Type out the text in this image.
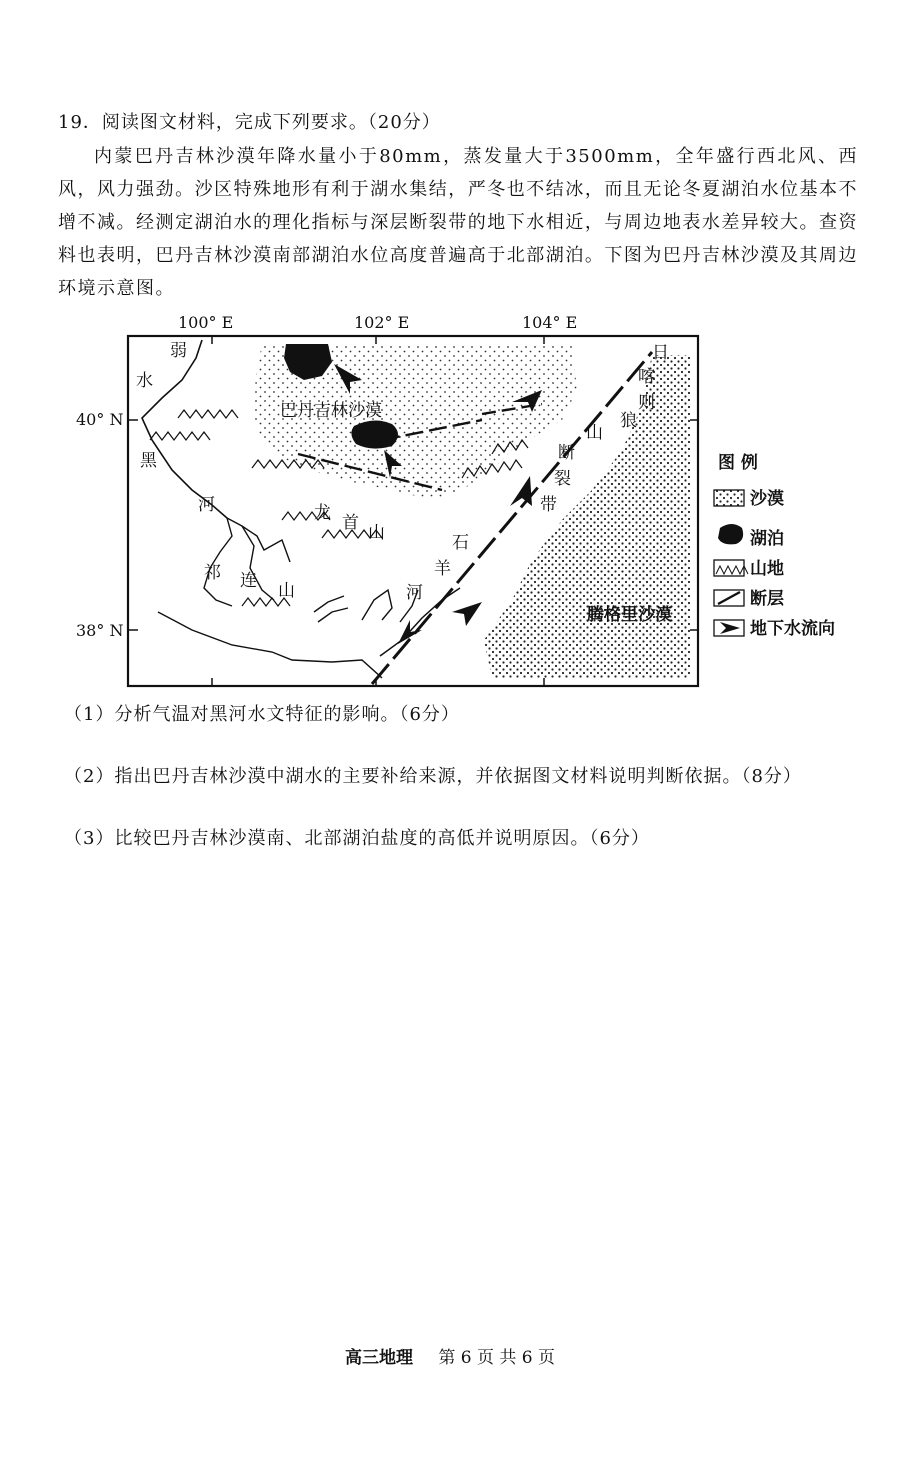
19．阅读图文材料，完成下列要求。（20分）

内蒙巴丹吉林沙漠年降水量小于80mm，蒸发量大于3500mm，全年盛行西北风、西风，风力强劲。沙区特殊地形有利于湖水集结，严冬也不结冰，而且无论冬夏湖泊水位基本不增不减。经测定湖泊水的理化指标与深层断裂带的地下水相近，与周边地表水差异较大。查资料也表明，巴丹吉林沙漠南部湖泊水位高度普遍高于北部湖泊。下图为巴丹吉林沙漠及其周边环境示意图。

100° E	102° E	104° E
40° N
38° N
巴丹吉林沙漠
腾格里沙漠
弱
水
黑
河
祁 连 山
龙 首 山	石
羊
河
日
喀
则
狼
山
断
裂
带
图 例
沙漠
湖泊
山地
断层
地下水流向
（1）分析气温对黑河水文特征的影响。（6分）
（2）指出巴丹吉林沙漠中湖水的主要补给来源，并依据图文材料说明判断依据。（8分）
（3）比较巴丹吉林沙漠南、北部湖泊盐度的高低并说明原因。（6分）
高三地理 第 6 页 共 6 页
